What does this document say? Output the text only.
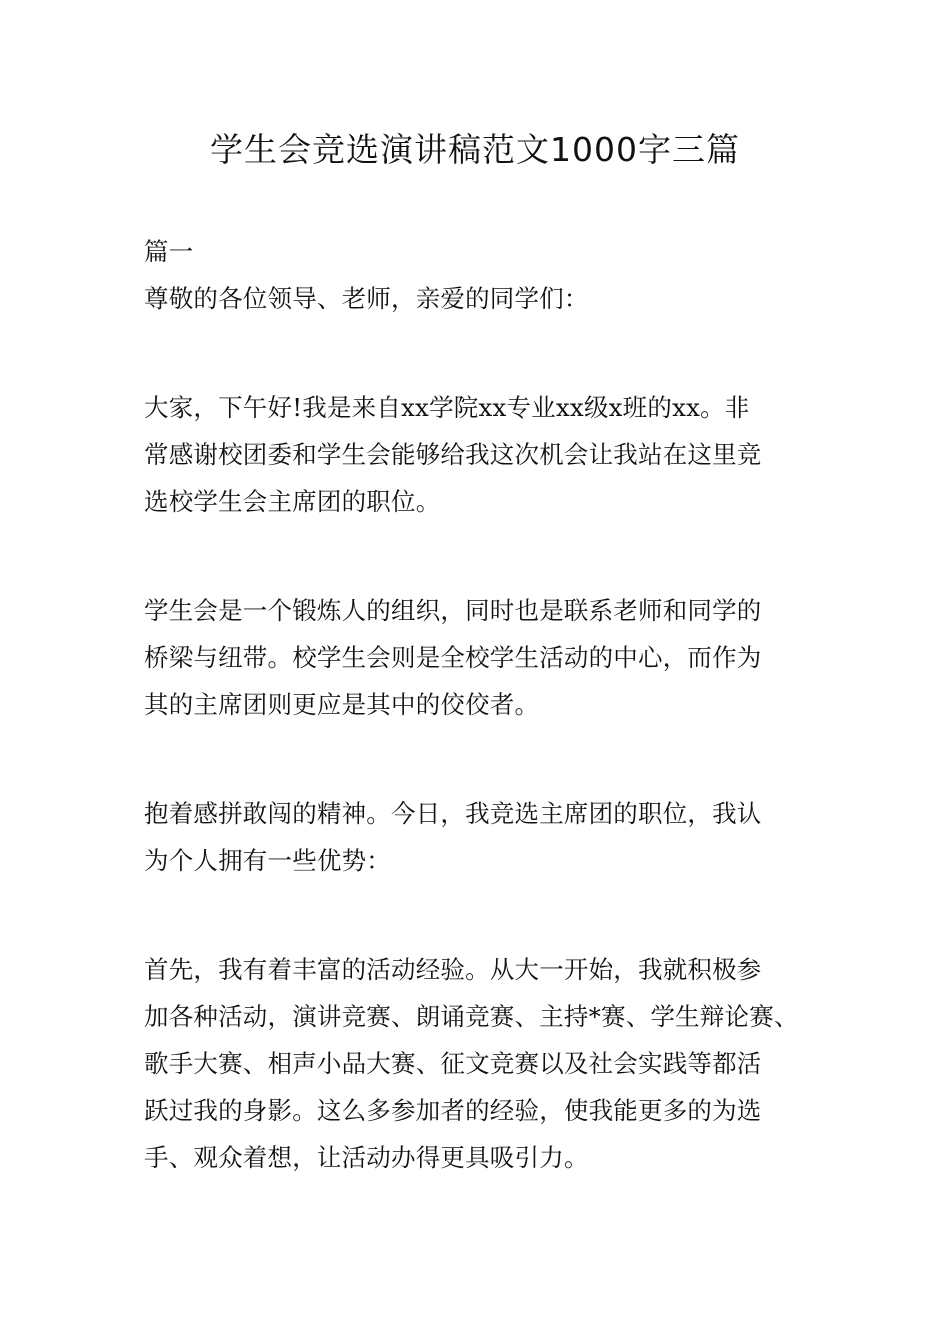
学生会竞选演讲稿范文1000字三篇
篇一
尊敬的各位领导、老师，亲爱的同学们：
大家，下午好!我是来自xx学院xx专业xx级x班的xx。非
常感谢校团委和学生会能够给我这次机会让我站在这里竞
选校学生会主席团的职位。
学生会是一个锻炼人的组织，同时也是联系老师和同学的
桥梁与纽带。校学生会则是全校学生活动的中心，而作为
其的主席团则更应是其中的佼佼者。
抱着感拼敢闯的精神。今日，我竞选主席团的职位，我认
为个人拥有一些优势：
首先，我有着丰富的活动经验。从大一开始，我就积极参
加各种活动，演讲竞赛、朗诵竞赛、主持*赛、学生辩论赛、
歌手大赛、相声小品大赛、征文竞赛以及社会实践等都活
跃过我的身影。这么多参加者的经验，使我能更多的为选
手、观众着想，让活动办得更具吸引力。
